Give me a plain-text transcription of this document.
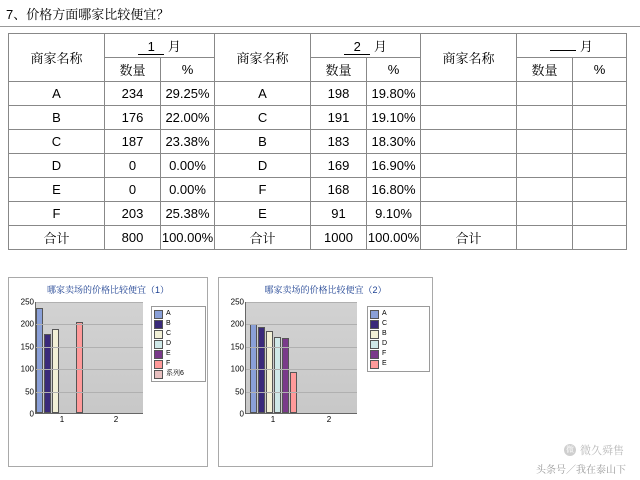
7、价格方面哪家比较便宜？
商家名称	1 月		商家名称	2 月		商家名称	月	
	数量	%		数量	%		数量	%
A	234	29.25%	A	198	19.80%			
B	176	22.00%	C	191	19.10%			
C	187	23.38%	B	183	18.30%			
D	0	0.00%	D	169	16.90%			
E	0	0.00%	F	168	16.80%			
F	203	25.38%	E	91	9.10%			
合计	800	100.00%	合计	1000	100.00%	合计		
哪家卖场的价格比较便宜（1）
0
50
100
150
200
250
1	2
A
B
C
D
E
F
系列6
哪家卖场的价格比较便宜（2）
0
50
100
150
200
250
1	2
A
C
B
D
F
E
微 微久舜售
头条号／我在泰山下
